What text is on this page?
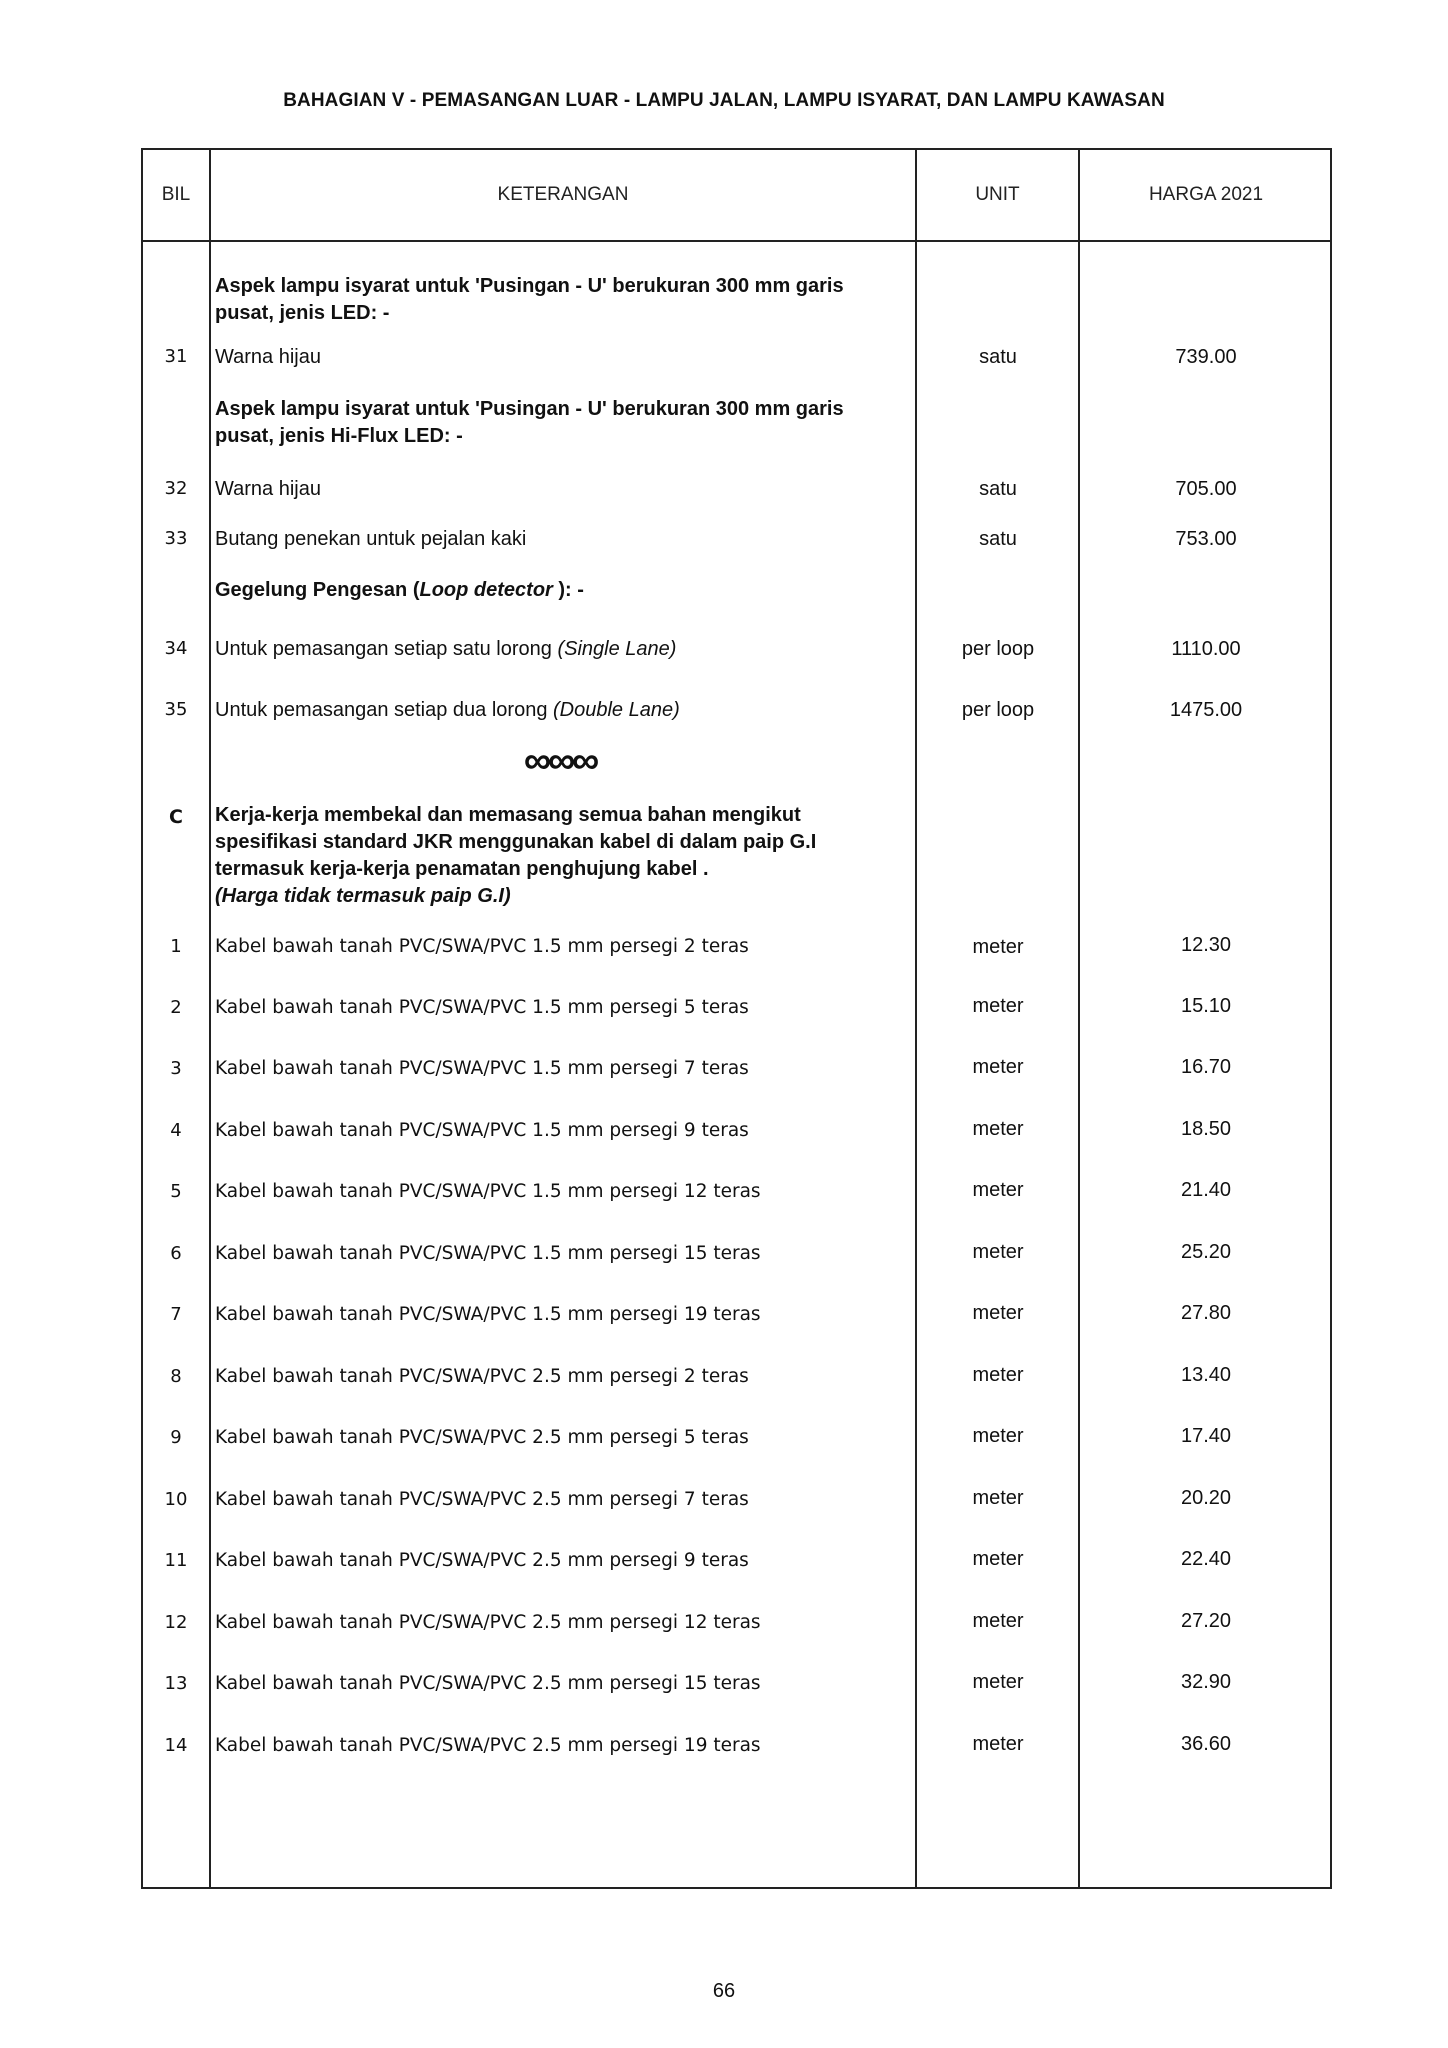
BAHAGIAN V - PEMASANGAN LUAR - LAMPU JALAN, LAMPU ISYARAT, DAN LAMPU KAWASAN
BIL	KETERANGAN	UNIT	HARGA 2021
Aspek lampu isyarat untuk 'Pusingan - U' berukuran 300 mm garis pusat, jenis LED: -
31	Warna hijau	satu	739.00
Aspek lampu isyarat untuk 'Pusingan - U' berukuran 300 mm garis pusat, jenis Hi-Flux LED: -
32	Warna hijau	satu	705.00
33	Butang penekan untuk pejalan kaki	satu	753.00
Gegelung Pengesan (Loop detector ): -
34	Untuk pemasangan setiap satu lorong (Single Lane)	per loop	1110.00
35	Untuk pemasangan setiap dua lorong (Double Lane)	per loop	1475.00
∞∞∞
C	Kerja-kerja membekal dan memasang semua bahan mengikut
spesifikasi standard JKR menggunakan kabel di dalam paip G.I
termasuk kerja-kerja penamatan penghujung kabel .
(Harga tidak termasuk paip G.I)
1	Kabel bawah tanah PVC/SWA/PVC 1.5 mm persegi 2 teras	meter	12.30
2	Kabel bawah tanah PVC/SWA/PVC 1.5 mm persegi 5 teras	meter	15.10
3	Kabel bawah tanah PVC/SWA/PVC 1.5 mm persegi 7 teras	meter	16.70
4	Kabel bawah tanah PVC/SWA/PVC 1.5 mm persegi 9 teras	meter	18.50
5	Kabel bawah tanah PVC/SWA/PVC 1.5 mm persegi 12 teras	meter	21.40
6	Kabel bawah tanah PVC/SWA/PVC 1.5 mm persegi 15 teras	meter	25.20
7	Kabel bawah tanah PVC/SWA/PVC 1.5 mm persegi 19 teras	meter	27.80
8	Kabel bawah tanah PVC/SWA/PVC 2.5 mm persegi 2 teras	meter	13.40
9	Kabel bawah tanah PVC/SWA/PVC 2.5 mm persegi 5 teras	meter	17.40
10	Kabel bawah tanah PVC/SWA/PVC 2.5 mm persegi 7 teras	meter	20.20
11	Kabel bawah tanah PVC/SWA/PVC 2.5 mm persegi 9 teras	meter	22.40
12	Kabel bawah tanah PVC/SWA/PVC 2.5 mm persegi 12 teras	meter	27.20
13	Kabel bawah tanah PVC/SWA/PVC 2.5 mm persegi 15 teras	meter	32.90
14	Kabel bawah tanah PVC/SWA/PVC 2.5 mm persegi 19 teras	meter	36.60
66
